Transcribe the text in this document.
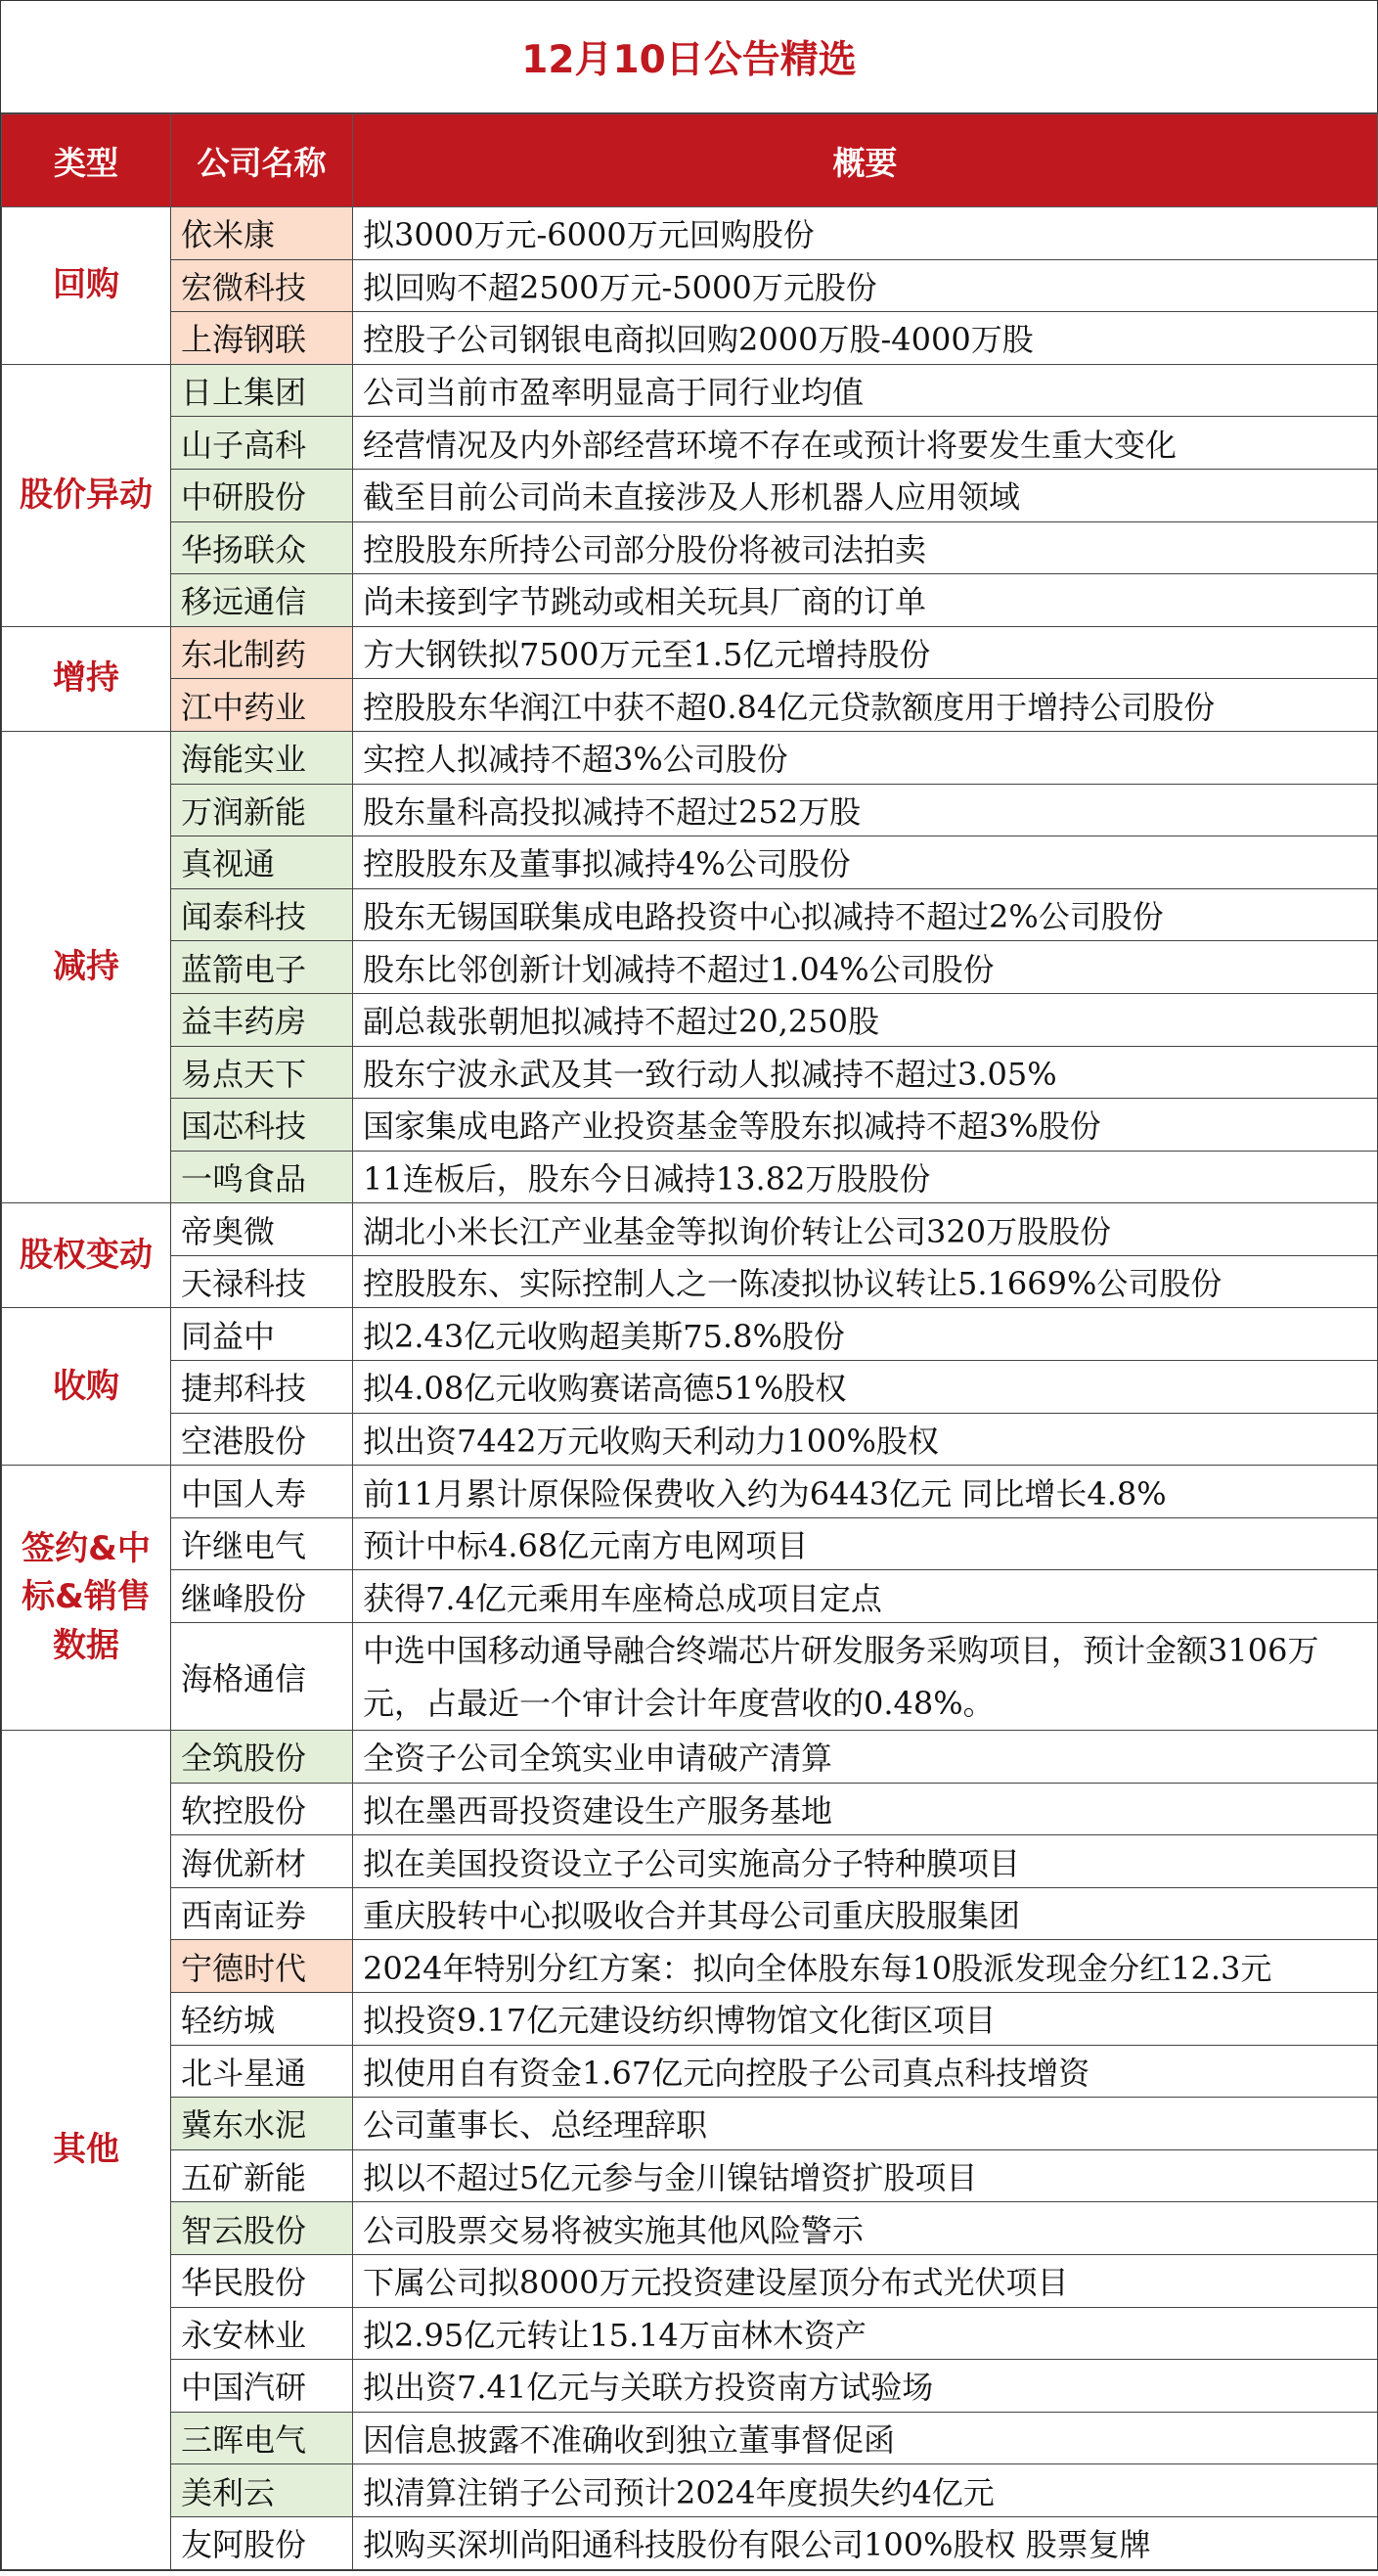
12月10日公告精选
类型	公司名称	概要
回购	依米康	拟3000万元-6000万元回购股份
	宏微科技	拟回购不超2500万元-5000万元股份
	上海钢联	控股子公司钢银电商拟回购2000万股-4000万股
股价异动	日上集团	公司当前市盈率明显高于同行业均值
	山子高科	经营情况及内外部经营环境不存在或预计将要发生重大变化
	中研股份	截至目前公司尚未直接涉及人形机器人应用领域
	华扬联众	控股股东所持公司部分股份将被司法拍卖
	移远通信	尚未接到字节跳动或相关玩具厂商的订单
增持	东北制药	方大钢铁拟7500万元至1.5亿元增持股份
	江中药业	控股股东华润江中获不超0.84亿元贷款额度用于增持公司股份
减持	海能实业	实控人拟减持不超3%公司股份
	万润新能	股东量科高投拟减持不超过252万股
	真视通	控股股东及董事拟减持4%公司股份
	闻泰科技	股东无锡国联集成电路投资中心拟减持不超过2%公司股份
	蓝箭电子	股东比邻创新计划减持不超过1.04%公司股份
	益丰药房	副总裁张朝旭拟减持不超过20,250股
	易点天下	股东宁波永武及其一致行动人拟减持不超过3.05%
	国芯科技	国家集成电路产业投资基金等股东拟减持不超3%股份
	一鸣食品	11连板后，股东今日减持13.82万股股份
股权变动	帝奥微	湖北小米长江产业基金等拟询价转让公司320万股股份
	天禄科技	控股股东、实际控制人之一陈凌拟协议转让5.1669%公司股份
收购	同益中	拟2.43亿元收购超美斯75.8%股份
	捷邦科技	拟4.08亿元收购赛诺高德51%股权
	空港股份	拟出资7442万元收购天利动力100%股权
签约&中标&销售数据	中国人寿	前11月累计原保险保费收入约为6443亿元 同比增长4.8%
	许继电气	预计中标4.68亿元南方电网项目
	继峰股份	获得7.4亿元乘用车座椅总成项目定点
	海格通信	中选中国移动通导融合终端芯片研发服务采购项目，预计金额3106万元，占最近一个审计会计年度营收的0.48%。
其他	全筑股份	全资子公司全筑实业申请破产清算
	软控股份	拟在墨西哥投资建设生产服务基地
	海优新材	拟在美国投资设立子公司实施高分子特种膜项目
	西南证券	重庆股转中心拟吸收合并其母公司重庆股服集团
	宁德时代	2024年特别分红方案：拟向全体股东每10股派发现金分红12.3元
	轻纺城	拟投资9.17亿元建设纺织博物馆文化街区项目
	北斗星通	拟使用自有资金1.67亿元向控股子公司真点科技增资
	冀东水泥	公司董事长、总经理辞职
	五矿新能	拟以不超过5亿元参与金川镍钴增资扩股项目
	智云股份	公司股票交易将被实施其他风险警示
	华民股份	下属公司拟8000万元投资建设屋顶分布式光伏项目
	永安林业	拟2.95亿元转让15.14万亩林木资产
	中国汽研	拟出资7.41亿元与关联方投资南方试验场
	三晖电气	因信息披露不准确收到独立董事督促函
	美利云	拟清算注销子公司预计2024年度损失约4亿元
	友阿股份	拟购买深圳尚阳通科技股份有限公司100%股权 股票复牌
